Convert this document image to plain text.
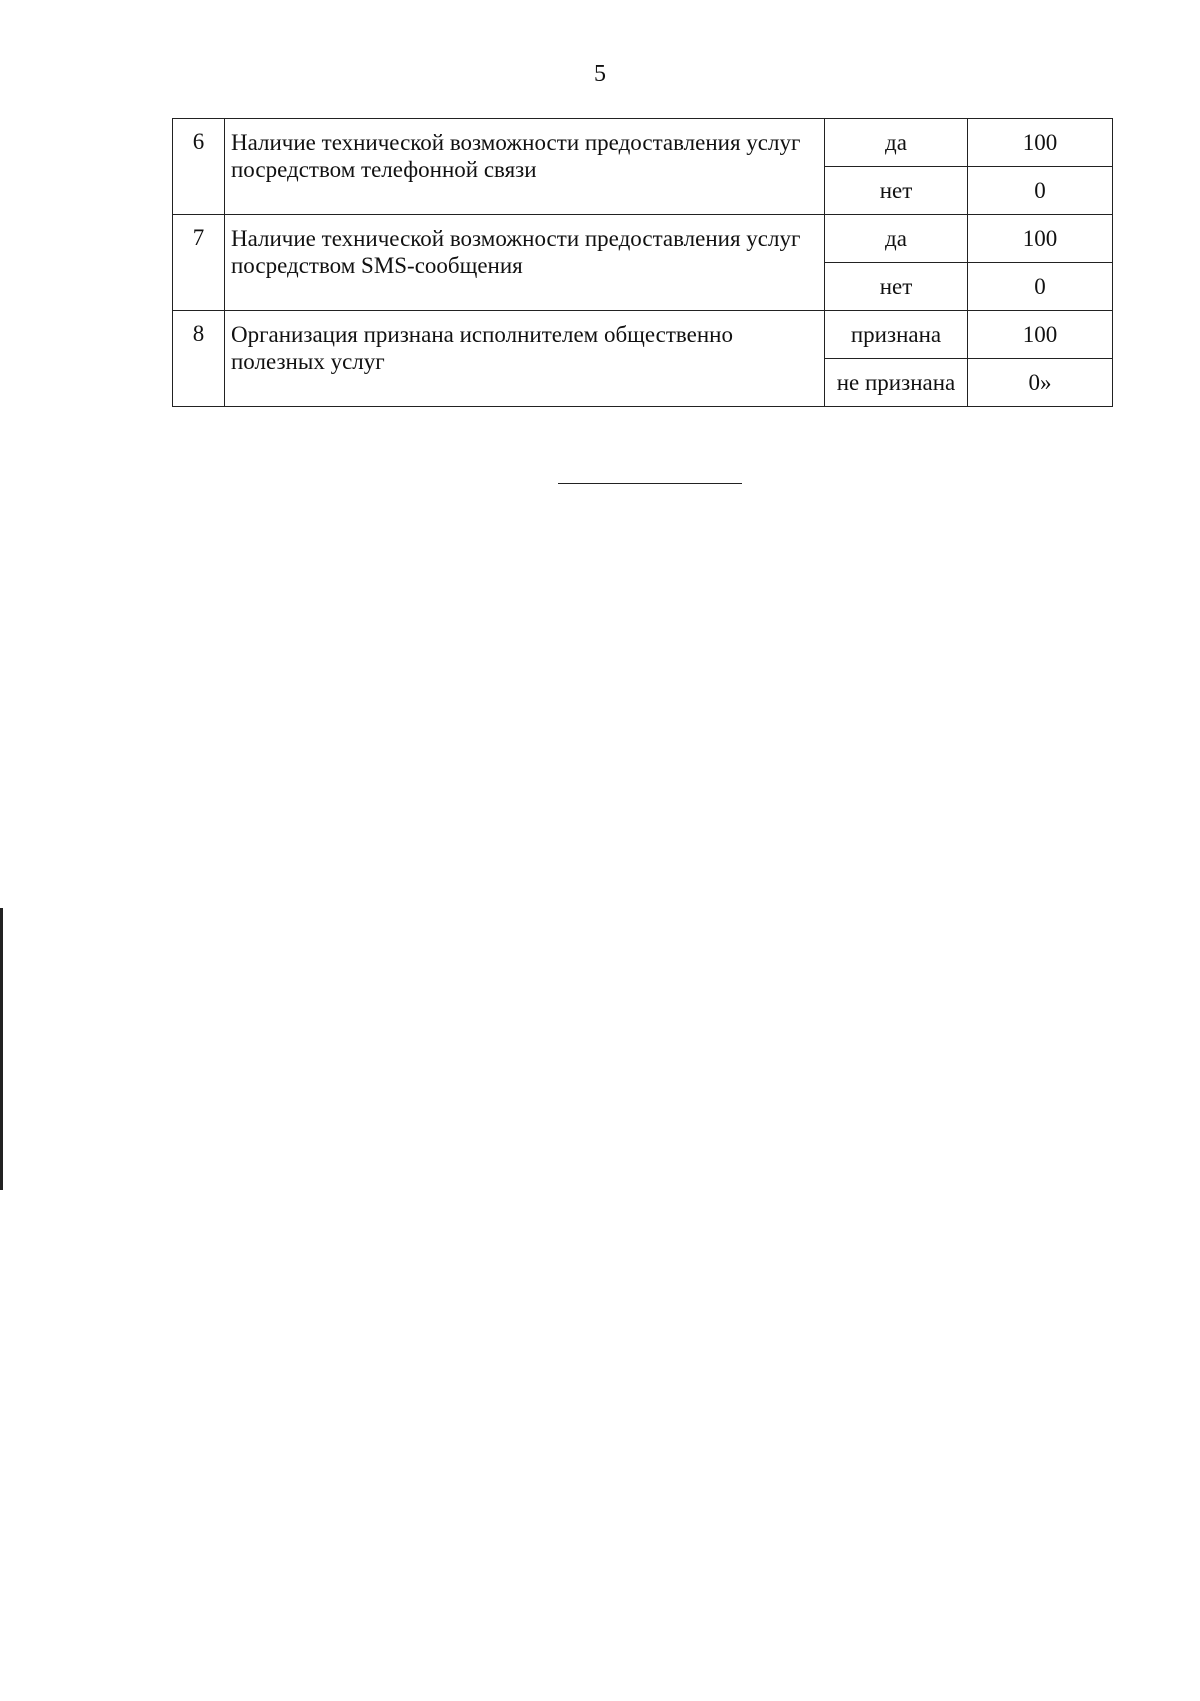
5
6	Наличие технической возможности предоставления услуг посредством телефонной связи	да	100
		нет	0
7	Наличие технической возможности предоставления услуг посредством SMS-сообщения	да	100
		нет	0
8	Организация признана исполнителем общественно полезных услуг	признана	100
		не признана	0»
